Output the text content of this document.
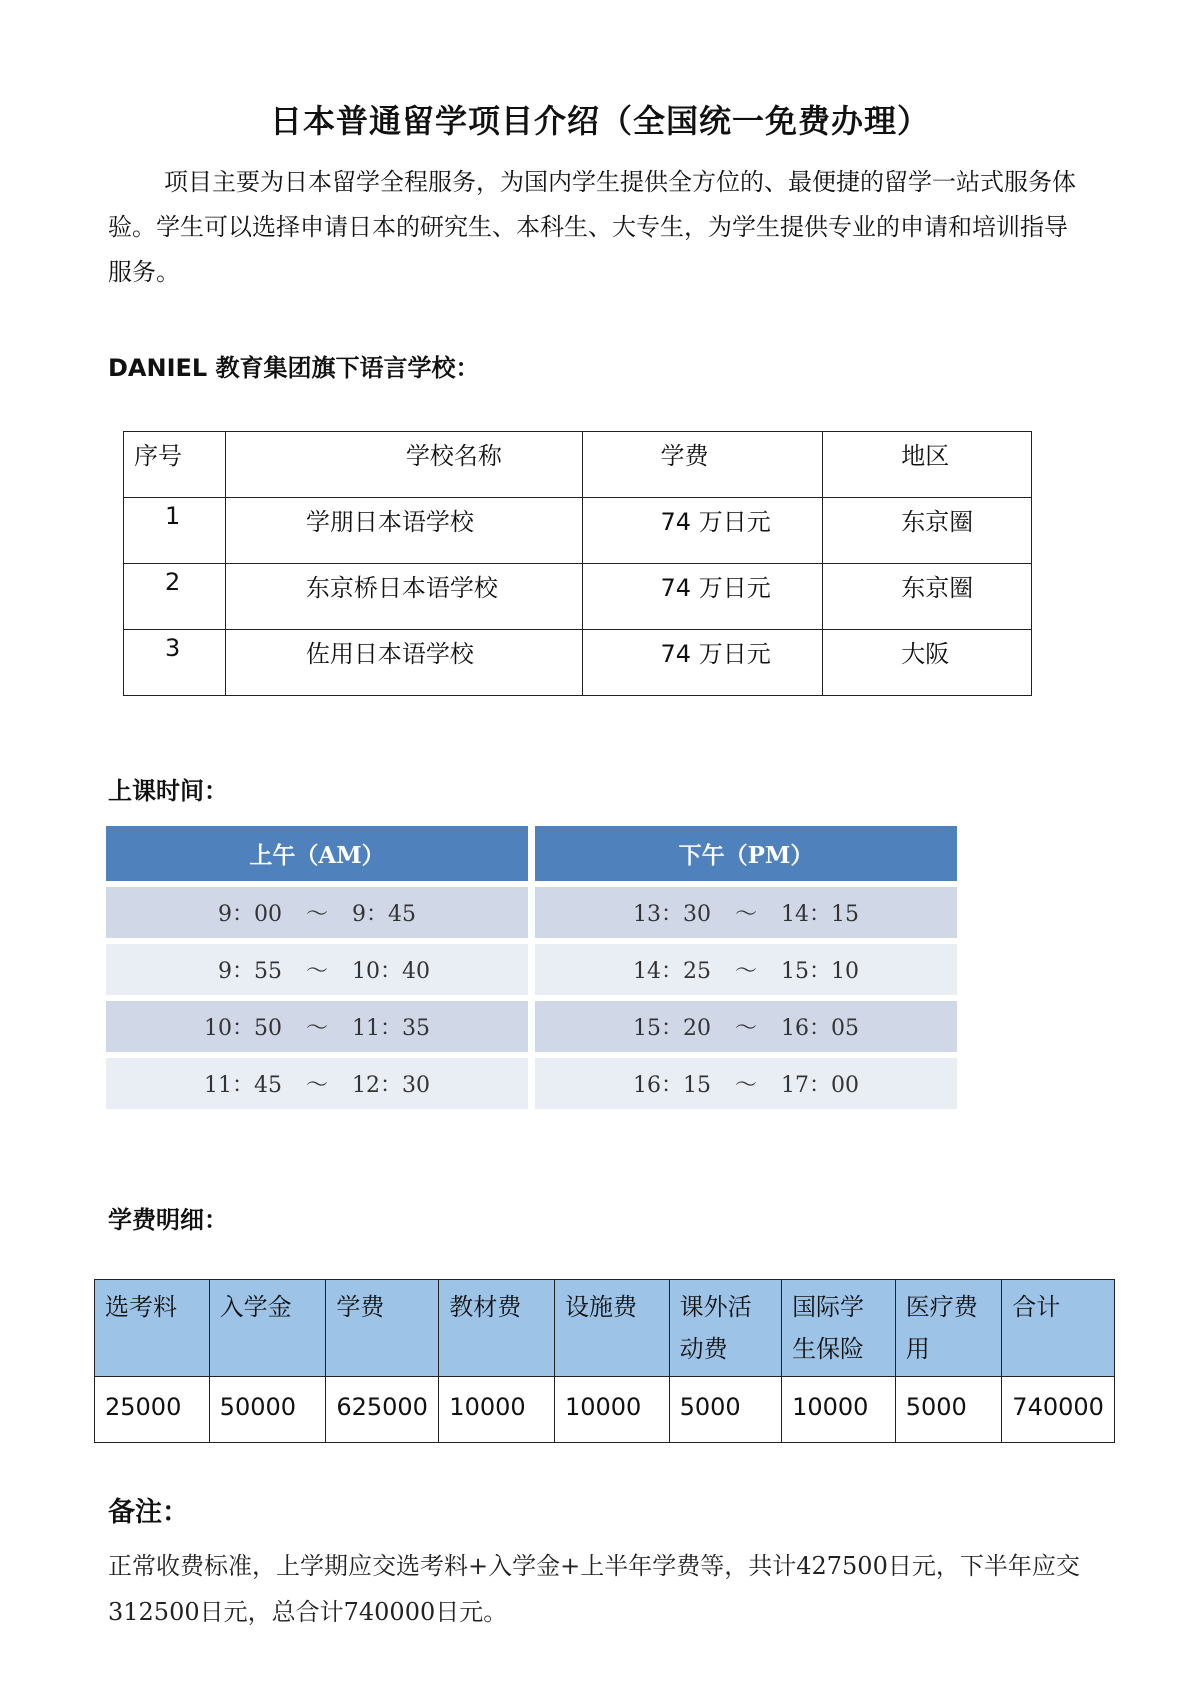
日本普通留学项目介绍（全国统一免费办理）

项目主要为日本留学全程服务，为国内学生提供全方位的、最便捷的留学一站式服务体验。学生可以选择申请日本的研究生、本科生、大专生，为学生提供专业的申请和培训指导服务。

DANIEL 教育集团旗下语言学校：
序号	学校名称	学费	地区
1	学朋日本语学校	74 万日元	东京圈
2	东京桥日本语学校	74 万日元	东京圈
3	佐用日本语学校	74 万日元	大阪
上课时间：
上午（AM）	下午（PM）
9：00	～	9：45	13：30	～	14：15
9：55	～	10：40	14：25	～	15：10
10：50	～	11：35	15：20	～	16：05
11：45	～	12：30	16：15	～	17：00
学费明细：
选考料	入学金	学费	教材费	设施费	课外活动费	国际学生保险	医疗费用	合计
25000	50000	625000	10000	10000	5000	10000	5000	740000
备注：
正常收费标准，上学期应交选考料+入学金+上半年学费等，共计427500日元，下半年应交312500日元，总合计740000日元。
